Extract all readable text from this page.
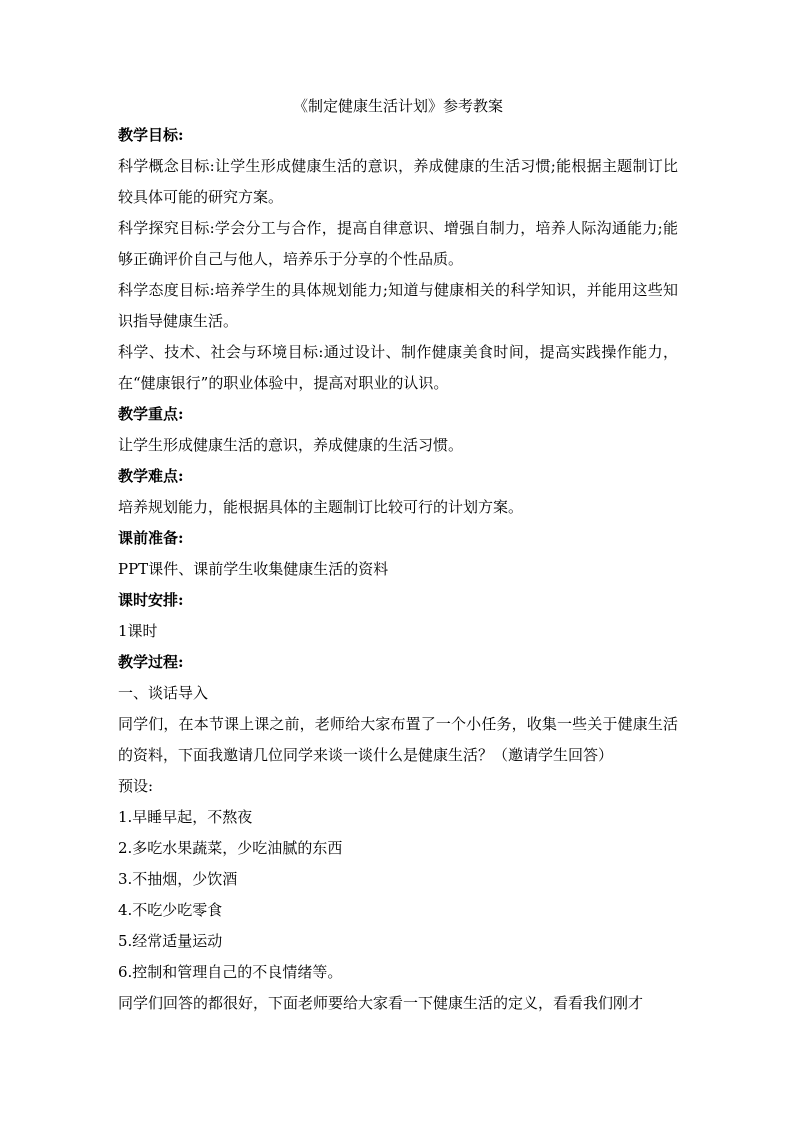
《制定健康生活计划》参考教案

教学目标:

科学概念目标:让学生形成健康生活的意识，养成健康的生活习惯;能根据主题制订比较具体可能的研究方案。

科学探究目标:学会分工与合作，提高自律意识、增强自制力，培养人际沟通能力;能够正确评价自己与他人，培养乐于分享的个性品质。

科学态度目标:培养学生的具体规划能力;知道与健康相关的科学知识，并能用这些知识指导健康生活。

科学、技术、社会与环境目标:通过设计、制作健康美食时间，提高实践操作能力，在“健康银行”的职业体验中，提高对职业的认识。

教学重点:

让学生形成健康生活的意识，养成健康的生活习惯。

教学难点:

培养规划能力，能根据具体的主题制订比较可行的计划方案。

课前准备:

PPT课件、课前学生收集健康生活的资料

课时安排:

1课时

教学过程:

一、谈话导入

同学们，在本节课上课之前，老师给大家布置了一个小任务，收集一些关于健康生活的资料，下面我邀请几位同学来谈一谈什么是健康生活？（邀请学生回答）

预设:

1.早睡早起，不熬夜

2.多吃水果蔬菜，少吃油腻的东西

3.不抽烟，少饮酒

4.不吃少吃零食

5.经常适量运动

6.控制和管理自己的不良情绪等。

同学们回答的都很好，下面老师要给大家看一下健康生活的定义，看看我们刚才
